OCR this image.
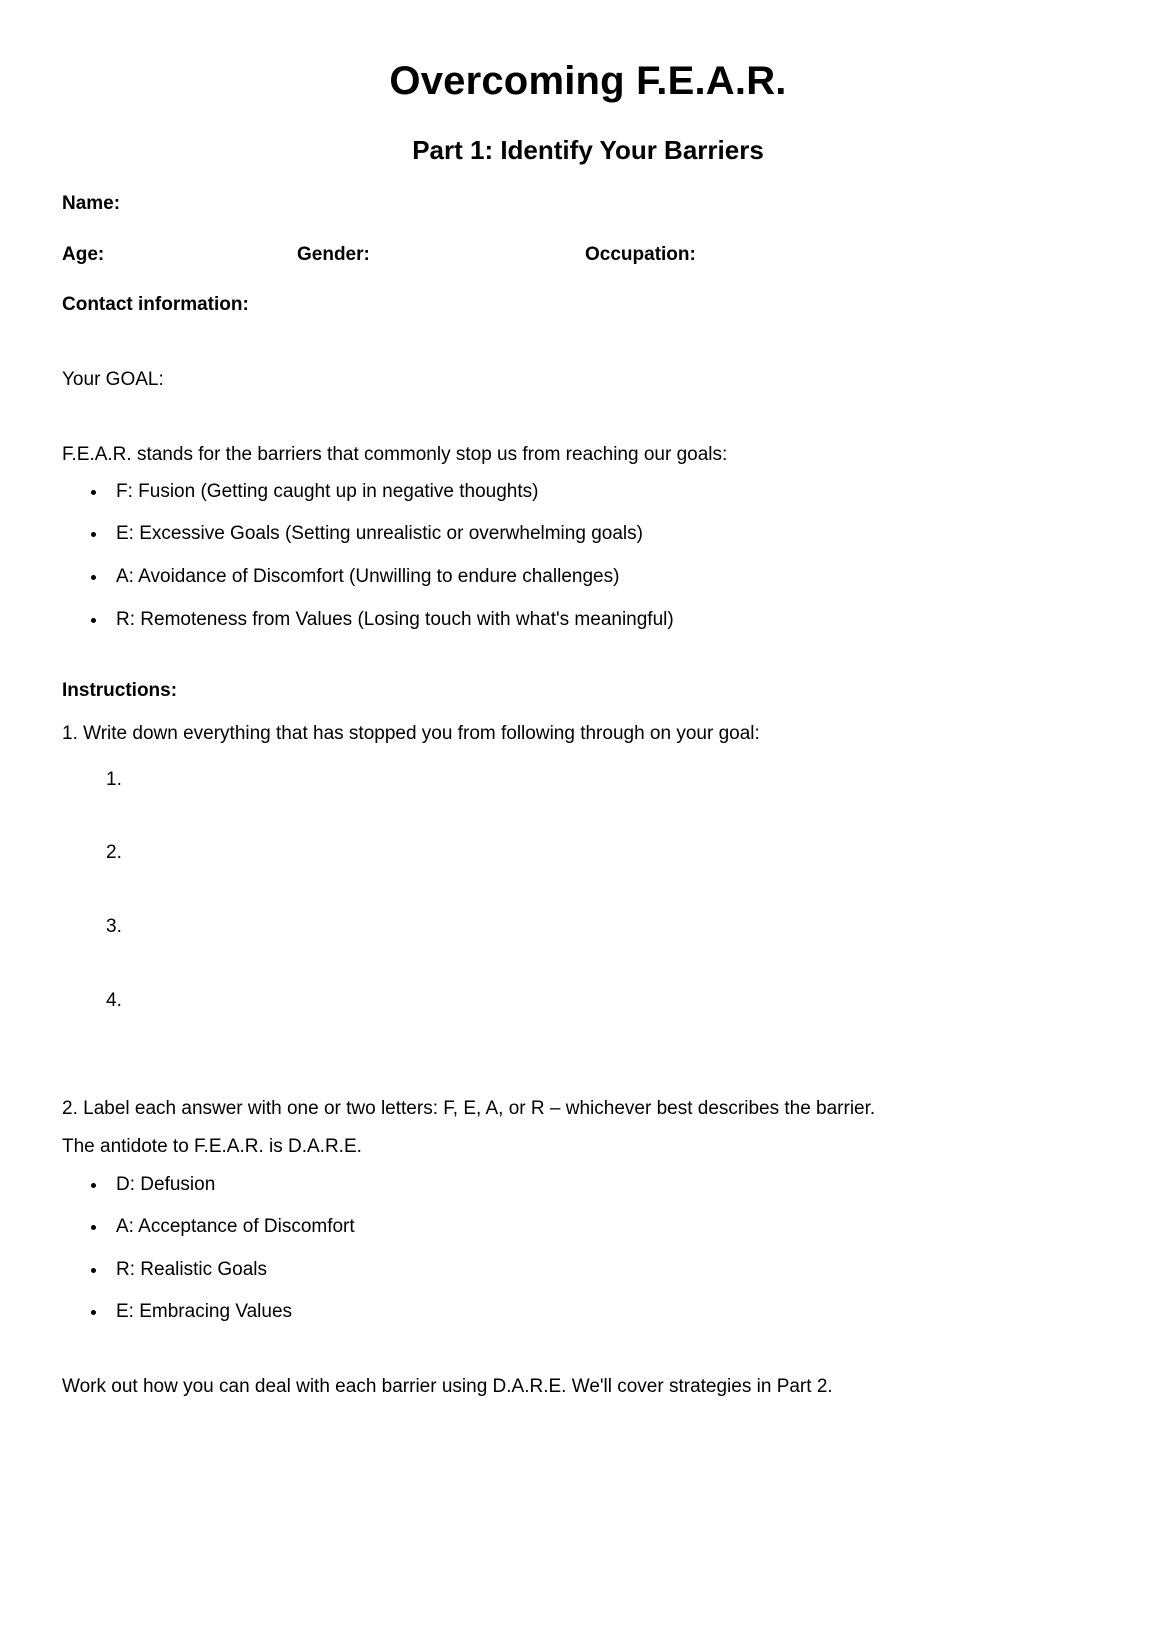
Overcoming F.E.A.R.
Part 1: Identify Your Barriers
Name:
Age:	Gender:	Occupation:
Contact information:

Your GOAL:

F.E.A.R. stands for the barriers that commonly stop us from reaching our goals:

• F: Fusion (Getting caught up in negative thoughts)
• E: Excessive Goals (Setting unrealistic or overwhelming goals)
• A: Avoidance of Discomfort (Unwilling to endure challenges)
• R: Remoteness from Values (Losing touch with what's meaningful)

Instructions:

1. Write down everything that has stopped you from following through on your goal:

1.
2.
3.
4.

2. Label each answer with one or two letters: F, E, A, or R – whichever best describes the barrier.

The antidote to F.E.A.R. is D.A.R.E.

• D: Defusion
• A: Acceptance of Discomfort
• R: Realistic Goals
• E: Embracing Values

Work out how you can deal with each barrier using D.A.R.E. We'll cover strategies in Part 2.
